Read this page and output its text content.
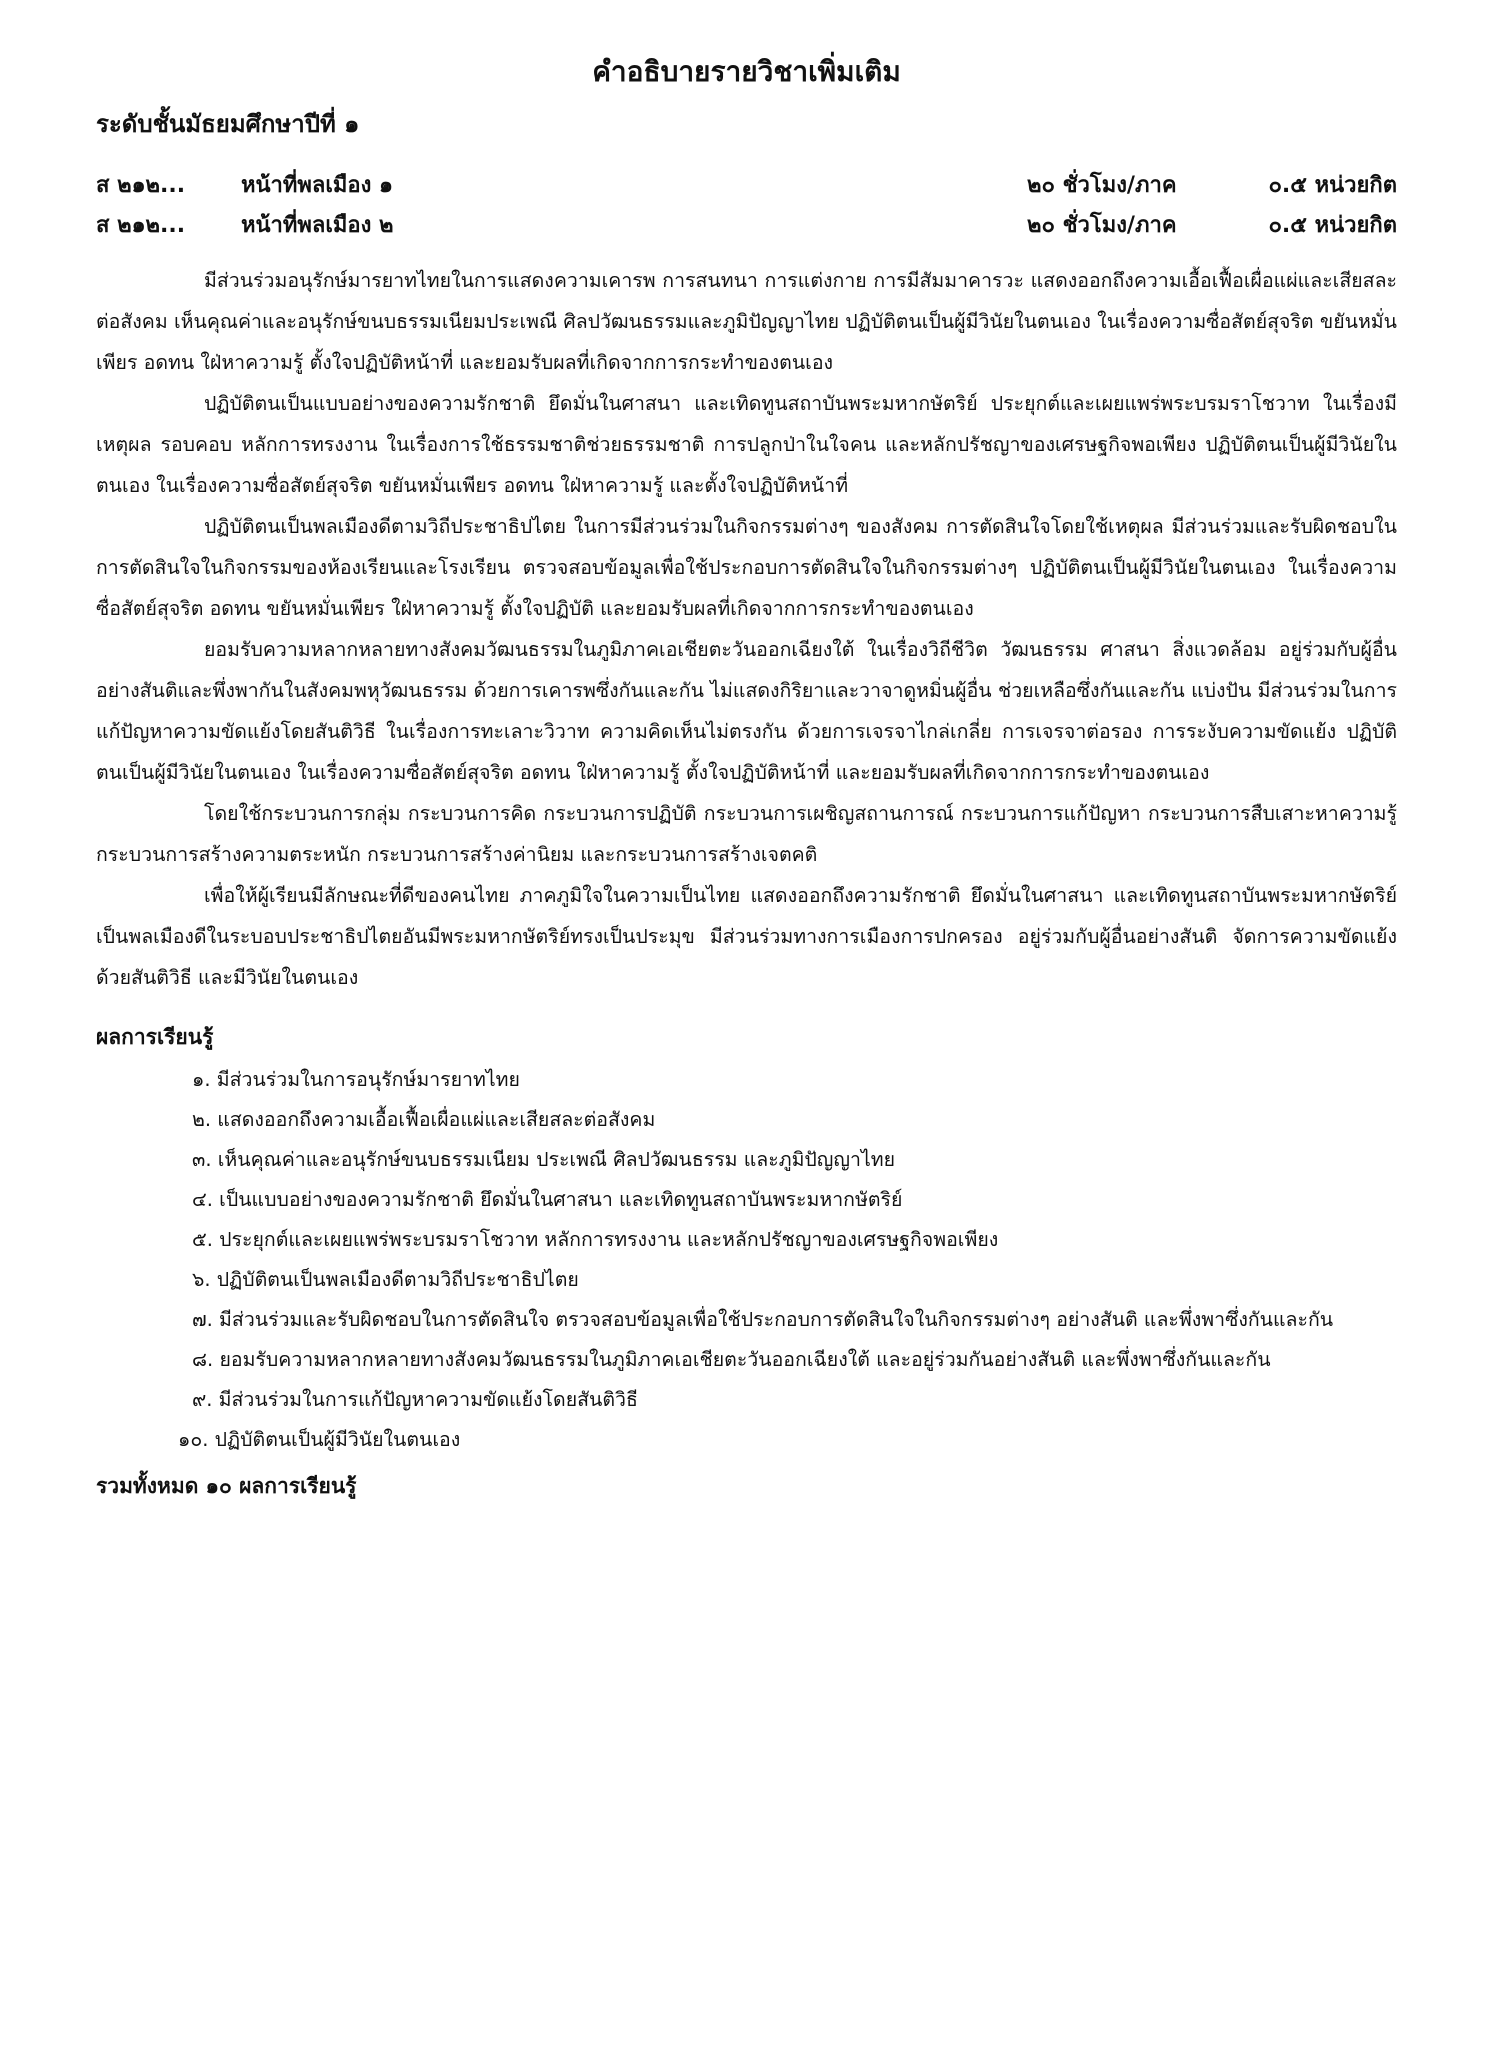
คำอธิบายรายวิชาเพิ่มเติม
ระดับชั้นมัธยมศึกษาปีที่ ๑
ส ๒๑๒...	หน้าที่พลเมือง ๑	๒๐ ชั่วโมง/ภาค	๐.๕ หน่วยกิต
ส ๒๑๒...	หน้าที่พลเมือง ๒	๒๐ ชั่วโมง/ภาค	๐.๕ หน่วยกิต

มีส่วนร่วมอนุรักษ์มารยาทไทยในการแสดงความเคารพ การสนทนา การแต่งกาย การมีสัมมาคารวะ แสดงออกถึงความเอื้อเฟื้อเผื่อแผ่และเสียสละต่อสังคม เห็นคุณค่าและอนุรักษ์ขนบธรรมเนียมประเพณี ศิลปวัฒนธรรมและภูมิปัญญาไทย ปฏิบัติตนเป็นผู้มีวินัยในตนเอง ในเรื่องความซื่อสัตย์สุจริต ขยันหมั่นเพียร อดทน ใฝ่หาความรู้ ตั้งใจปฏิบัติหน้าที่ และยอมรับผลที่เกิดจากการกระทำของตนเอง

ปฏิบัติตนเป็นแบบอย่างของความรักชาติ ยึดมั่นในศาสนา และเทิดทูนสถาบันพระมหากษัตริย์ ประยุกต์และเผยแพร่พระบรมราโชวาท ในเรื่องมีเหตุผล รอบคอบ หลักการทรงงาน ในเรื่องการใช้ธรรมชาติช่วยธรรมชาติ การปลูกป่าในใจคน และหลักปรัชญาของเศรษฐกิจพอเพียง ปฏิบัติตนเป็นผู้มีวินัยในตนเอง ในเรื่องความซื่อสัตย์สุจริต ขยันหมั่นเพียร อดทน ใฝ่หาความรู้ และตั้งใจปฏิบัติหน้าที่

ปฏิบัติตนเป็นพลเมืองดีตามวิถีประชาธิปไตย ในการมีส่วนร่วมในกิจกรรมต่างๆ ของสังคม การตัดสินใจโดยใช้เหตุผล มีส่วนร่วมและรับผิดชอบในการตัดสินใจในกิจกรรมของห้องเรียนและโรงเรียน ตรวจสอบข้อมูลเพื่อใช้ประกอบการตัดสินใจในกิจกรรมต่างๆ ปฏิบัติตนเป็นผู้มีวินัยในตนเอง ในเรื่องความซื่อสัตย์สุจริต อดทน ขยันหมั่นเพียร ใฝ่หาความรู้ ตั้งใจปฏิบัติ และยอมรับผลที่เกิดจากการกระทำของตนเอง

ยอมรับความหลากหลายทางสังคมวัฒนธรรมในภูมิภาคเอเชียตะวันออกเฉียงใต้ ในเรื่องวิถีชีวิต วัฒนธรรม ศาสนา สิ่งแวดล้อม อยู่ร่วมกับผู้อื่นอย่างสันติและพึ่งพากันในสังคมพหุวัฒนธรรม ด้วยการเคารพซึ่งกันและกัน ไม่แสดงกิริยาและวาจาดูหมิ่นผู้อื่น ช่วยเหลือซึ่งกันและกัน แบ่งปัน มีส่วนร่วมในการแก้ปัญหาความขัดแย้งโดยสันติวิธี ในเรื่องการทะเลาะวิวาท ความคิดเห็นไม่ตรงกัน ด้วยการเจรจาไกล่เกลี่ย การเจรจาต่อรอง การระงับความขัดแย้ง ปฏิบัติตนเป็นผู้มีวินัยในตนเอง ในเรื่องความซื่อสัตย์สุจริต อดทน ใฝ่หาความรู้ ตั้งใจปฏิบัติหน้าที่ และยอมรับผลที่เกิดจากการกระทำของตนเอง

โดยใช้กระบวนการกลุ่ม กระบวนการคิด กระบวนการปฏิบัติ กระบวนการเผชิญสถานการณ์ กระบวนการแก้ปัญหา กระบวนการสืบเสาะหาความรู้ กระบวนการสร้างความตระหนัก กระบวนการสร้างค่านิยม และกระบวนการสร้างเจตคติ

เพื่อให้ผู้เรียนมีลักษณะที่ดีของคนไทย ภาคภูมิใจในความเป็นไทย แสดงออกถึงความรักชาติ ยึดมั่นในศาสนา และเทิดทูนสถาบันพระมหากษัตริย์ เป็นพลเมืองดีในระบอบประชาธิปไตยอันมีพระมหากษัตริย์ทรงเป็นประมุข มีส่วนร่วมทางการเมืองการปกครอง อยู่ร่วมกับผู้อื่นอย่างสันติ จัดการความขัดแย้งด้วยสันติวิธี และมีวินัยในตนเอง

ผลการเรียนรู้
๑. มีส่วนร่วมในการอนุรักษ์มารยาทไทย
๒. แสดงออกถึงความเอื้อเฟื้อเผื่อแผ่และเสียสละต่อสังคม
๓. เห็นคุณค่าและอนุรักษ์ขนบธรรมเนียม ประเพณี ศิลปวัฒนธรรม และภูมิปัญญาไทย
๔. เป็นแบบอย่างของความรักชาติ ยึดมั่นในศาสนา และเทิดทูนสถาบันพระมหากษัตริย์
๕. ประยุกต์และเผยแพร่พระบรมราโชวาท หลักการทรงงาน และหลักปรัชญาของเศรษฐกิจพอเพียง
๖. ปฏิบัติตนเป็นพลเมืองดีตามวิถีประชาธิปไตย
๗. มีส่วนร่วมและรับผิดชอบในการตัดสินใจ ตรวจสอบข้อมูลเพื่อใช้ประกอบการตัดสินใจในกิจกรรมต่างๆ อย่างสันติ และพึ่งพาซึ่งกันและกัน
๘. ยอมรับความหลากหลายทางสังคมวัฒนธรรมในภูมิภาคเอเชียตะวันออกเฉียงใต้ และอยู่ร่วมกันอย่างสันติ และพึ่งพาซึ่งกันและกัน
๙. มีส่วนร่วมในการแก้ปัญหาความขัดแย้งโดยสันติวิธี
๑๐. ปฏิบัติตนเป็นผู้มีวินัยในตนเอง
รวมทั้งหมด ๑๐ ผลการเรียนรู้
